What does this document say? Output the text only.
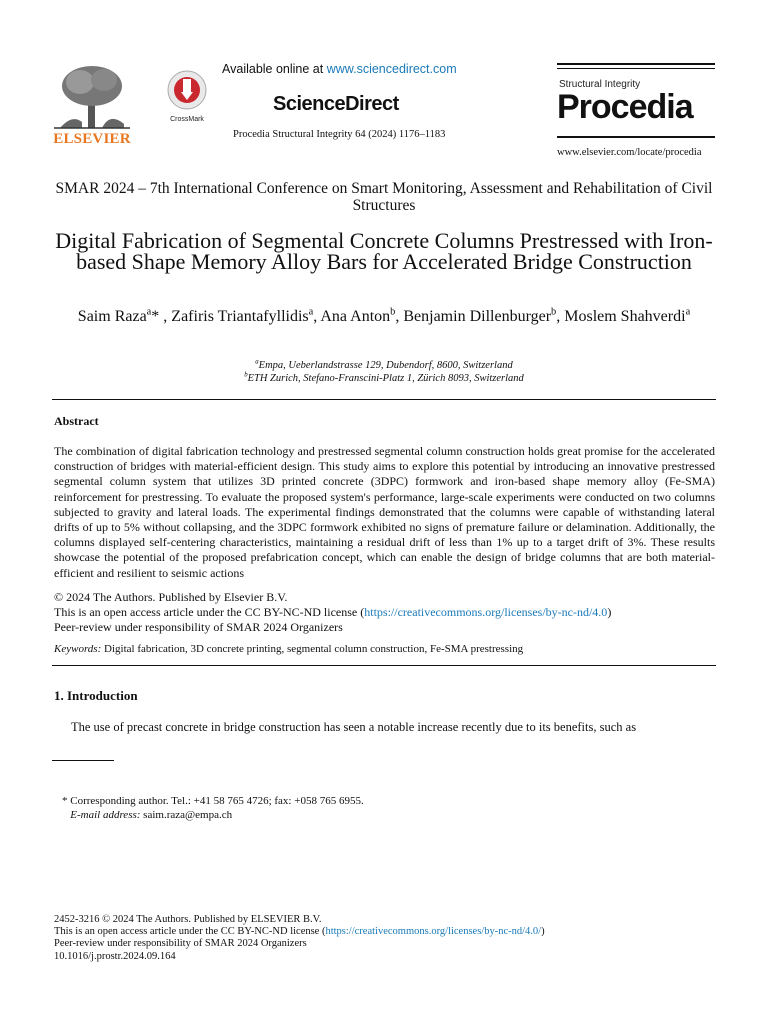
ELSEVIER
CrossMark
Available online at www.sciencedirect.com
ScienceDirect
Procedia Structural Integrity 64 (2024) 1176–1183
Structural Integrity
Procedia
www.elsevier.com/locate/procedia
SMAR 2024 – 7th International Conference on Smart Monitoring, Assessment and Rehabilitation of Civil Structures
Digital Fabrication of Segmental Concrete Columns Prestressed with Iron-based Shape Memory Alloy Bars for Accelerated Bridge Construction
Saim Raza$^a$* , Zafiris Triantafyllidis$^a$, Ana Anton$^b$, Benjamin Dillenburger$^b$, Moslem Shahverdi$^a$
$^a$Empa, Ueberlandstrasse 129, Dubendorf, 8600, Switzerland
$^b$ETH Zurich, Stefano-Franscini-Platz 1, Zürich 8093, Switzerland
Abstract
The combination of digital fabrication technology and prestressed segmental column construction holds great promise for the accelerated construction of bridges with material-efficient design. This study aims to explore this potential by introducing an innovative prestressed segmental column system that utilizes 3D printed concrete (3DPC) formwork and iron-based shape memory alloy (Fe-SMA) reinforcement for prestressing. To evaluate the proposed system's performance, large-scale experiments were conducted on two columns subjected to gravity and lateral loads. The experimental findings demonstrated that the columns were capable of withstanding lateral drifts of up to 5% without collapsing, and the 3DPC formwork exhibited no signs of premature failure or delamination. Additionally, the columns displayed self-centering characteristics, maintaining a residual drift of less than 1% up to a target drift of 3%. These results showcase the potential of the proposed prefabrication concept, which can enable the design of bridge columns that are both material-efficient and resilient to seismic actions
© 2024 The Authors. Published by Elsevier B.V.
This is an open access article under the CC BY-NC-ND license (https://creativecommons.org/licenses/by-nc-nd/4.0)
Peer-review under responsibility of SMAR 2024 Organizers
Keywords: Digital fabrication, 3D concrete printing, segmental column construction, Fe-SMA prestressing
1. Introduction
The use of precast concrete in bridge construction has seen a notable increase recently due to its benefits, such as
* Corresponding author. Tel.: +41 58 765 4726; fax: +058 765 6955.
E-mail address: saim.raza@empa.ch
2452-3216 © 2024 The Authors. Published by ELSEVIER B.V.
This is an open access article under the CC BY-NC-ND license (https://creativecommons.org/licenses/by-nc-nd/4.0/)
Peer-review under responsibility of SMAR 2024 Organizers
10.1016/j.prostr.2024.09.164
